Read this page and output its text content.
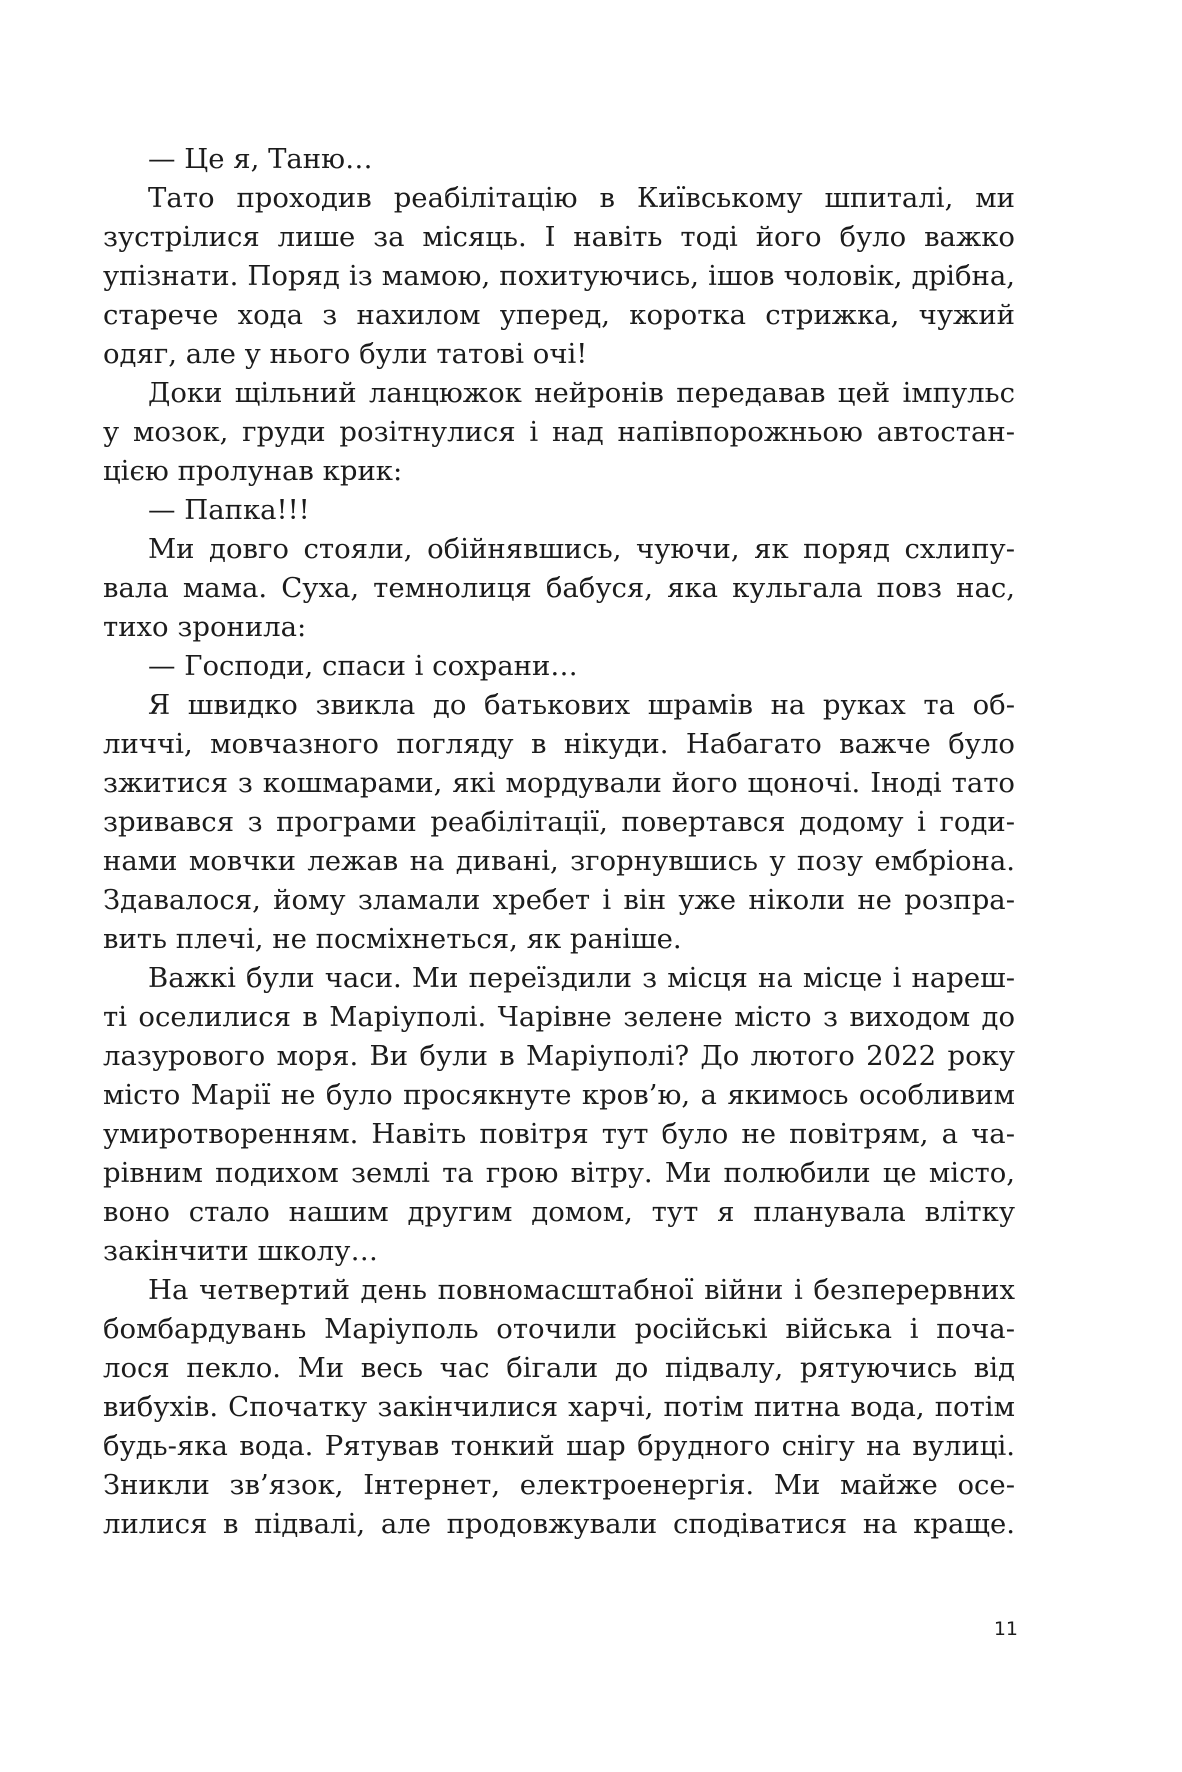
— Це я, Таню…
Тато проходив реабілітацію в Київському шпиталі, ми
зустрілися лише за місяць. І навіть тоді його було важко
упізнати. Поряд із мамою, похитуючись, ішов чоловік, дрібна,
старече хода з нахилом уперед, коротка стрижка, чужий
одяг, але у нього були татові очі!
Доки щільний ланцюжок нейронів передавав цей імпульс
у мозок, груди розітнулися і над напівпорожньою автостан-
цією пролунав крик:
— Папка!!!
Ми довго стояли, обійнявшись, чуючи, як поряд схлипу-
вала мама. Суха, темнолиця бабуся, яка кульгала повз нас,
тихо зронила:
— Господи, спаси і сохрани…
Я швидко звикла до батькових шрамів на руках та об-
личчі, мовчазного погляду в нікуди. Набагато важче було
зжитися з кошмарами, які мордували його щоночі. Іноді тато
зривався з програми реабілітації, повертався додому і годи-
нами мовчки лежав на дивані, згорнувшись у позу ембріона.
Здавалося, йому зламали хребет і він уже ніколи не розпра-
вить плечі, не посміхнеться, як раніше.
Важкі були часи. Ми переїздили з місця на місце і нареш-
ті оселилися в Маріуполі. Чарівне зелене місто з виходом до
лазурового моря. Ви були в Маріуполі? До лютого 2022 року
місто Марії не було просякнуте кров’ю, а якимось особливим
умиротворенням. Навіть повітря тут було не повітрям, а ча-
рівним подихом землі та грою вітру. Ми полюбили це місто,
воно стало нашим другим домом, тут я планувала влітку
закінчити школу…
На четвертий день повномасштабної війни і безперервних
бомбардувань Маріуполь оточили російські війська і поча-
лося пекло. Ми весь час бігали до підвалу, рятуючись від
вибухів. Спочатку закінчилися харчі, потім питна вода, потім
будь-яка вода. Рятував тонкий шар брудного снігу на вулиці.
Зникли зв’язок, Інтернет, електроенергія. Ми майже осе-
лилися в підвалі, але продовжували сподіватися на краще.
11
